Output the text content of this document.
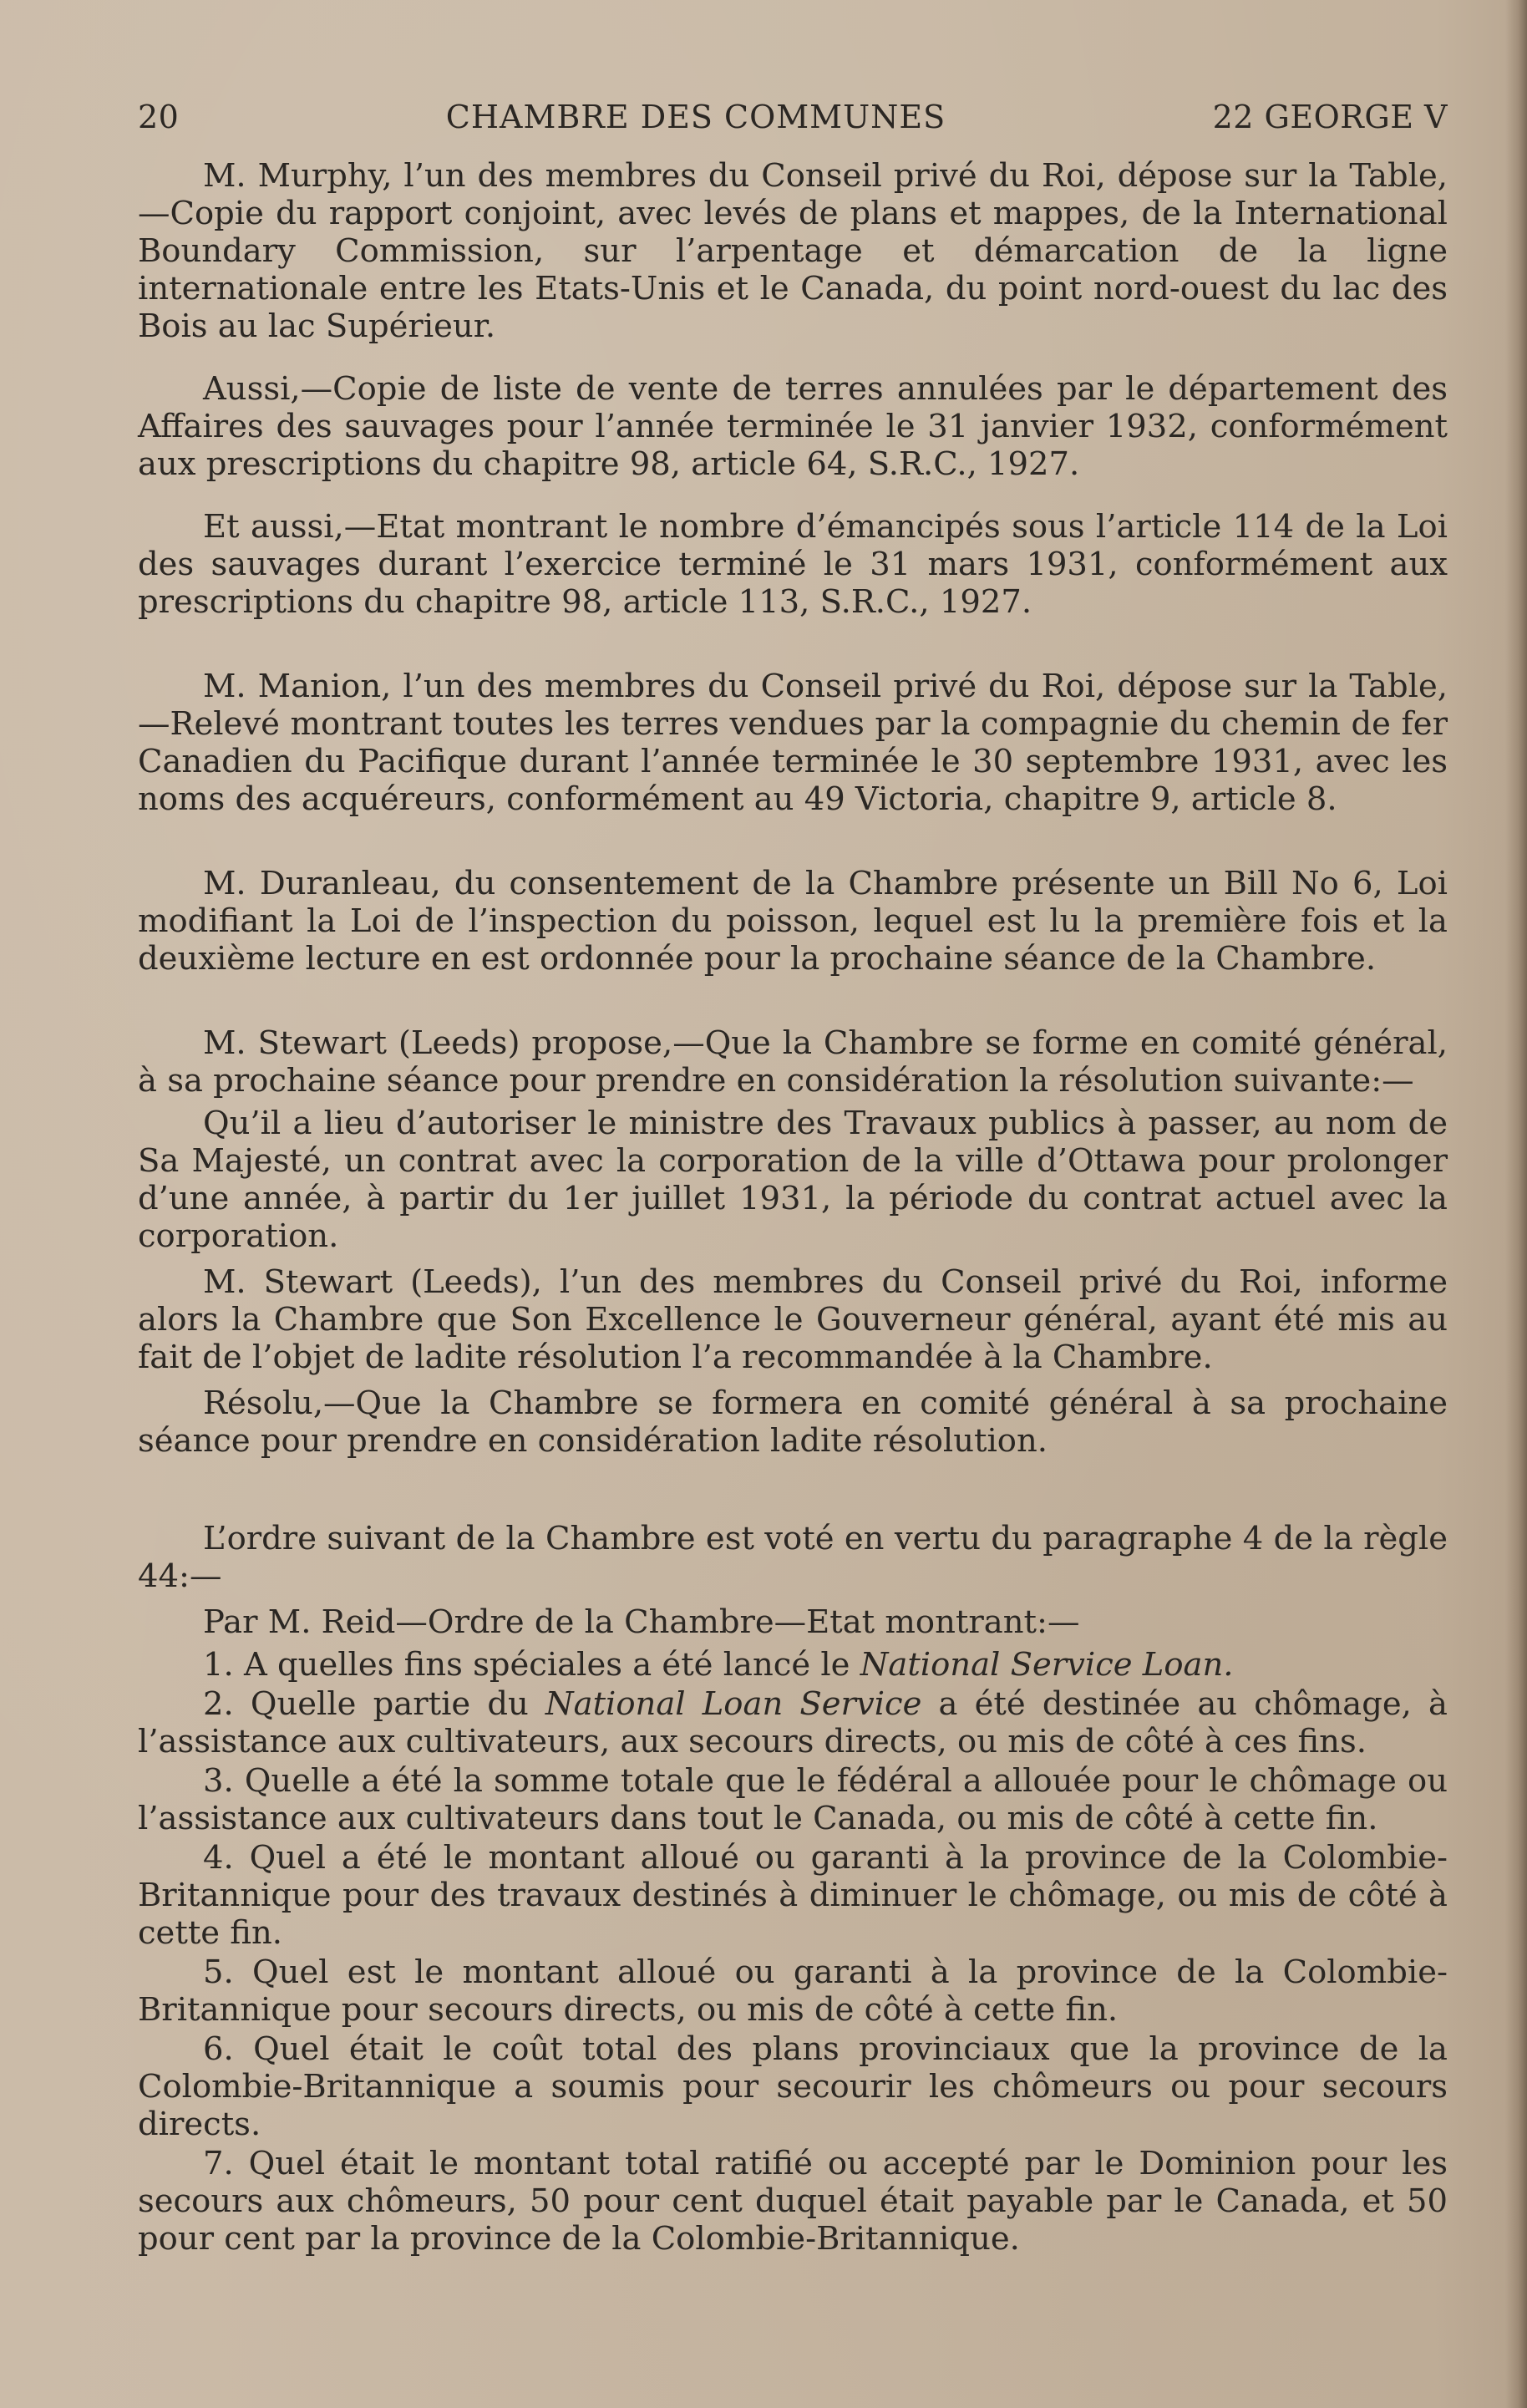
20	CHAMBRE DES COMMUNES	22 GEORGE V

M. Murphy, l’un des membres du Conseil privé du Roi, dépose sur la Table, —Copie du rapport conjoint, avec levés de plans et mappes, de la International Boundary Commission, sur l’arpentage et démarcation de la ligne internationale entre les Etats-Unis et le Canada, du point nord-ouest du lac des Bois au lac Supérieur.

Aussi,—Copie de liste de vente de terres annulées par le département des Affaires des sauvages pour l’année terminée le 31 janvier 1932, conformément aux prescriptions du chapitre 98, article 64, S.R.C., 1927.

Et aussi,—Etat montrant le nombre d’émancipés sous l’article 114 de la Loi des sauvages durant l’exercice terminé le 31 mars 1931, conformément aux prescriptions du chapitre 98, article 113, S.R.C., 1927.

M. Manion, l’un des membres du Conseil privé du Roi, dépose sur la Table, —Relevé montrant toutes les terres vendues par la compagnie du chemin de fer Canadien du Pacifique durant l’année terminée le 30 septembre 1931, avec les noms des acquéreurs, conformément au 49 Victoria, chapitre 9, article 8.

M. Duranleau, du consentement de la Chambre présente un Bill No 6, Loi modifiant la Loi de l’inspection du poisson, lequel est lu la première fois et la deuxième lecture en est ordonnée pour la prochaine séance de la Chambre.

M. Stewart (Leeds) propose,—Que la Chambre se forme en comité général, à sa prochaine séance pour prendre en considération la résolution suivante:—

Qu’il a lieu d’autoriser le ministre des Travaux publics à passer, au nom de Sa Majesté, un contrat avec la corporation de la ville d’Ottawa pour prolonger d’une année, à partir du 1er juillet 1931, la période du contrat actuel avec la corporation.

M. Stewart (Leeds), l’un des membres du Conseil privé du Roi, informe alors la Chambre que Son Excellence le Gouverneur général, ayant été mis au fait de l’objet de ladite résolution l’a recommandée à la Chambre.

Résolu,—Que la Chambre se formera en comité général à sa prochaine séance pour prendre en considération ladite résolution.

L’ordre suivant de la Chambre est voté en vertu du paragraphe 4 de la règle 44:—

Par M. Reid—Ordre de la Chambre—Etat montrant:—

1. A quelles fins spéciales a été lancé le National Service Loan.

2. Quelle partie du National Loan Service a été destinée au chômage, à l’assistance aux cultivateurs, aux secours directs, ou mis de côté à ces fins.

3. Quelle a été la somme totale que le fédéral a allouée pour le chômage ou l’assistance aux cultivateurs dans tout le Canada, ou mis de côté à cette fin.

4. Quel a été le montant alloué ou garanti à la province de la Colombie-Britannique pour des travaux destinés à diminuer le chômage, ou mis de côté à cette fin.

5. Quel est le montant alloué ou garanti à la province de la Colombie-Britannique pour secours directs, ou mis de côté à cette fin.

6. Quel était le coût total des plans provinciaux que la province de la Colombie-Britannique a soumis pour secourir les chômeurs ou pour secours directs.

7. Quel était le montant total ratifié ou accepté par le Dominion pour les secours aux chômeurs, 50 pour cent duquel était payable par le Canada, et 50 pour cent par la province de la Colombie-Britannique.
